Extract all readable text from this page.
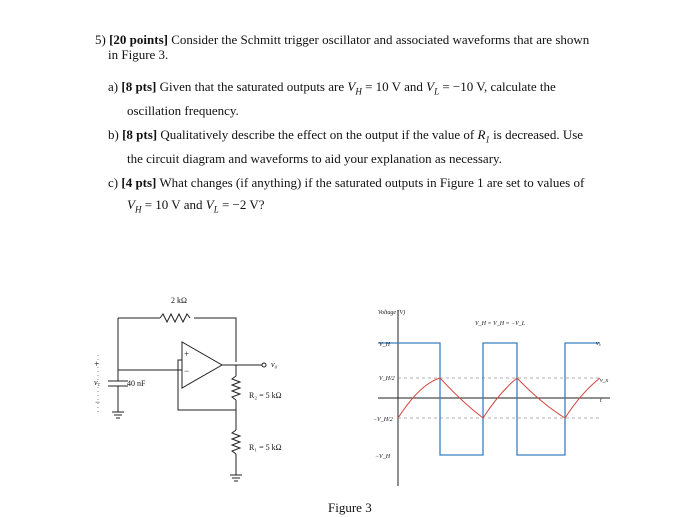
5) [20 points] Consider the Schmitt trigger oscillator and associated waveforms that are shown
in Figure 3.
a) [8 pts] Given that the saturated outputs are $V_H = 10$ V and $V_L = -10$ V, calculate the
oscillation frequency.
b) [8 pts] Qualitatively describe the effect on the output if the value of $R_1$ is decreased. Use
the circuit diagram and waveforms to aid your explanation as necessary.
c) [4 pts] What changes (if anything) if the saturated outputs in Figure 1 are set to values of
$V_H = 10$ V and $V_L = -2$ V?
2 kΩ
40 nF
R₂ = 5 kΩ
R₁ = 5 kΩ
v₀
+
v꜀
−
−
+
Voltage (V)
V_H = V_H = −V_L
V_H
V_H/2
−V_H/2
−V_H
v₀
v_x
t
Figure 3
